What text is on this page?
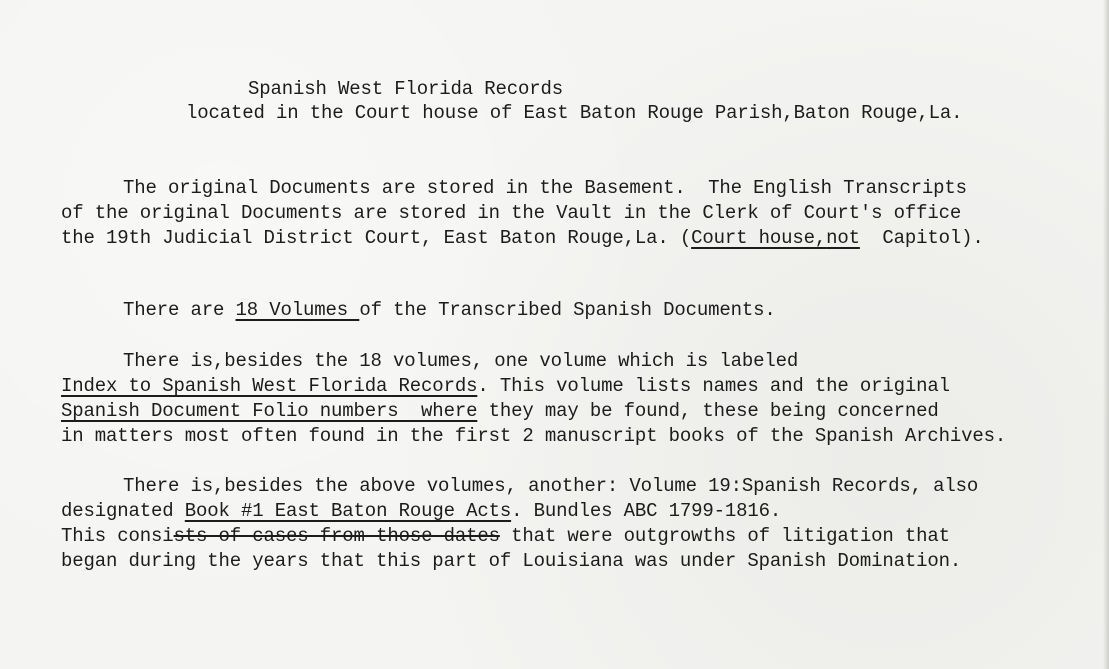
Spanish West Florida Records
located in the Court house of East Baton Rouge Parish,Baton Rouge,La.
The original Documents are stored in the Basement.  The English Transcripts
of the original Documents are stored in the Vault in the Clerk of Court's office
the 19th Judicial District Court, East Baton Rouge,La. (Court house,not  Capitol).
There are 18 Volumes of the Transcribed Spanish Documents.
There is,besides the 18 volumes, one volume which is labeled
Index to Spanish West Florida Records. This volume lists names and the original
Spanish Document Folio numbers  where they may be found, these being concerned
in matters most often found in the first 2 manuscript books of the Spanish Archives.
There is,besides the above volumes, another: Volume 19:Spanish Records, also
designated Book #1 East Baton Rouge Acts. Bundles ABC 1799-1816.
This consists of cases from those dates that were outgrowths of litigation that
began during the years that this part of Louisiana was under Spanish Domination.
